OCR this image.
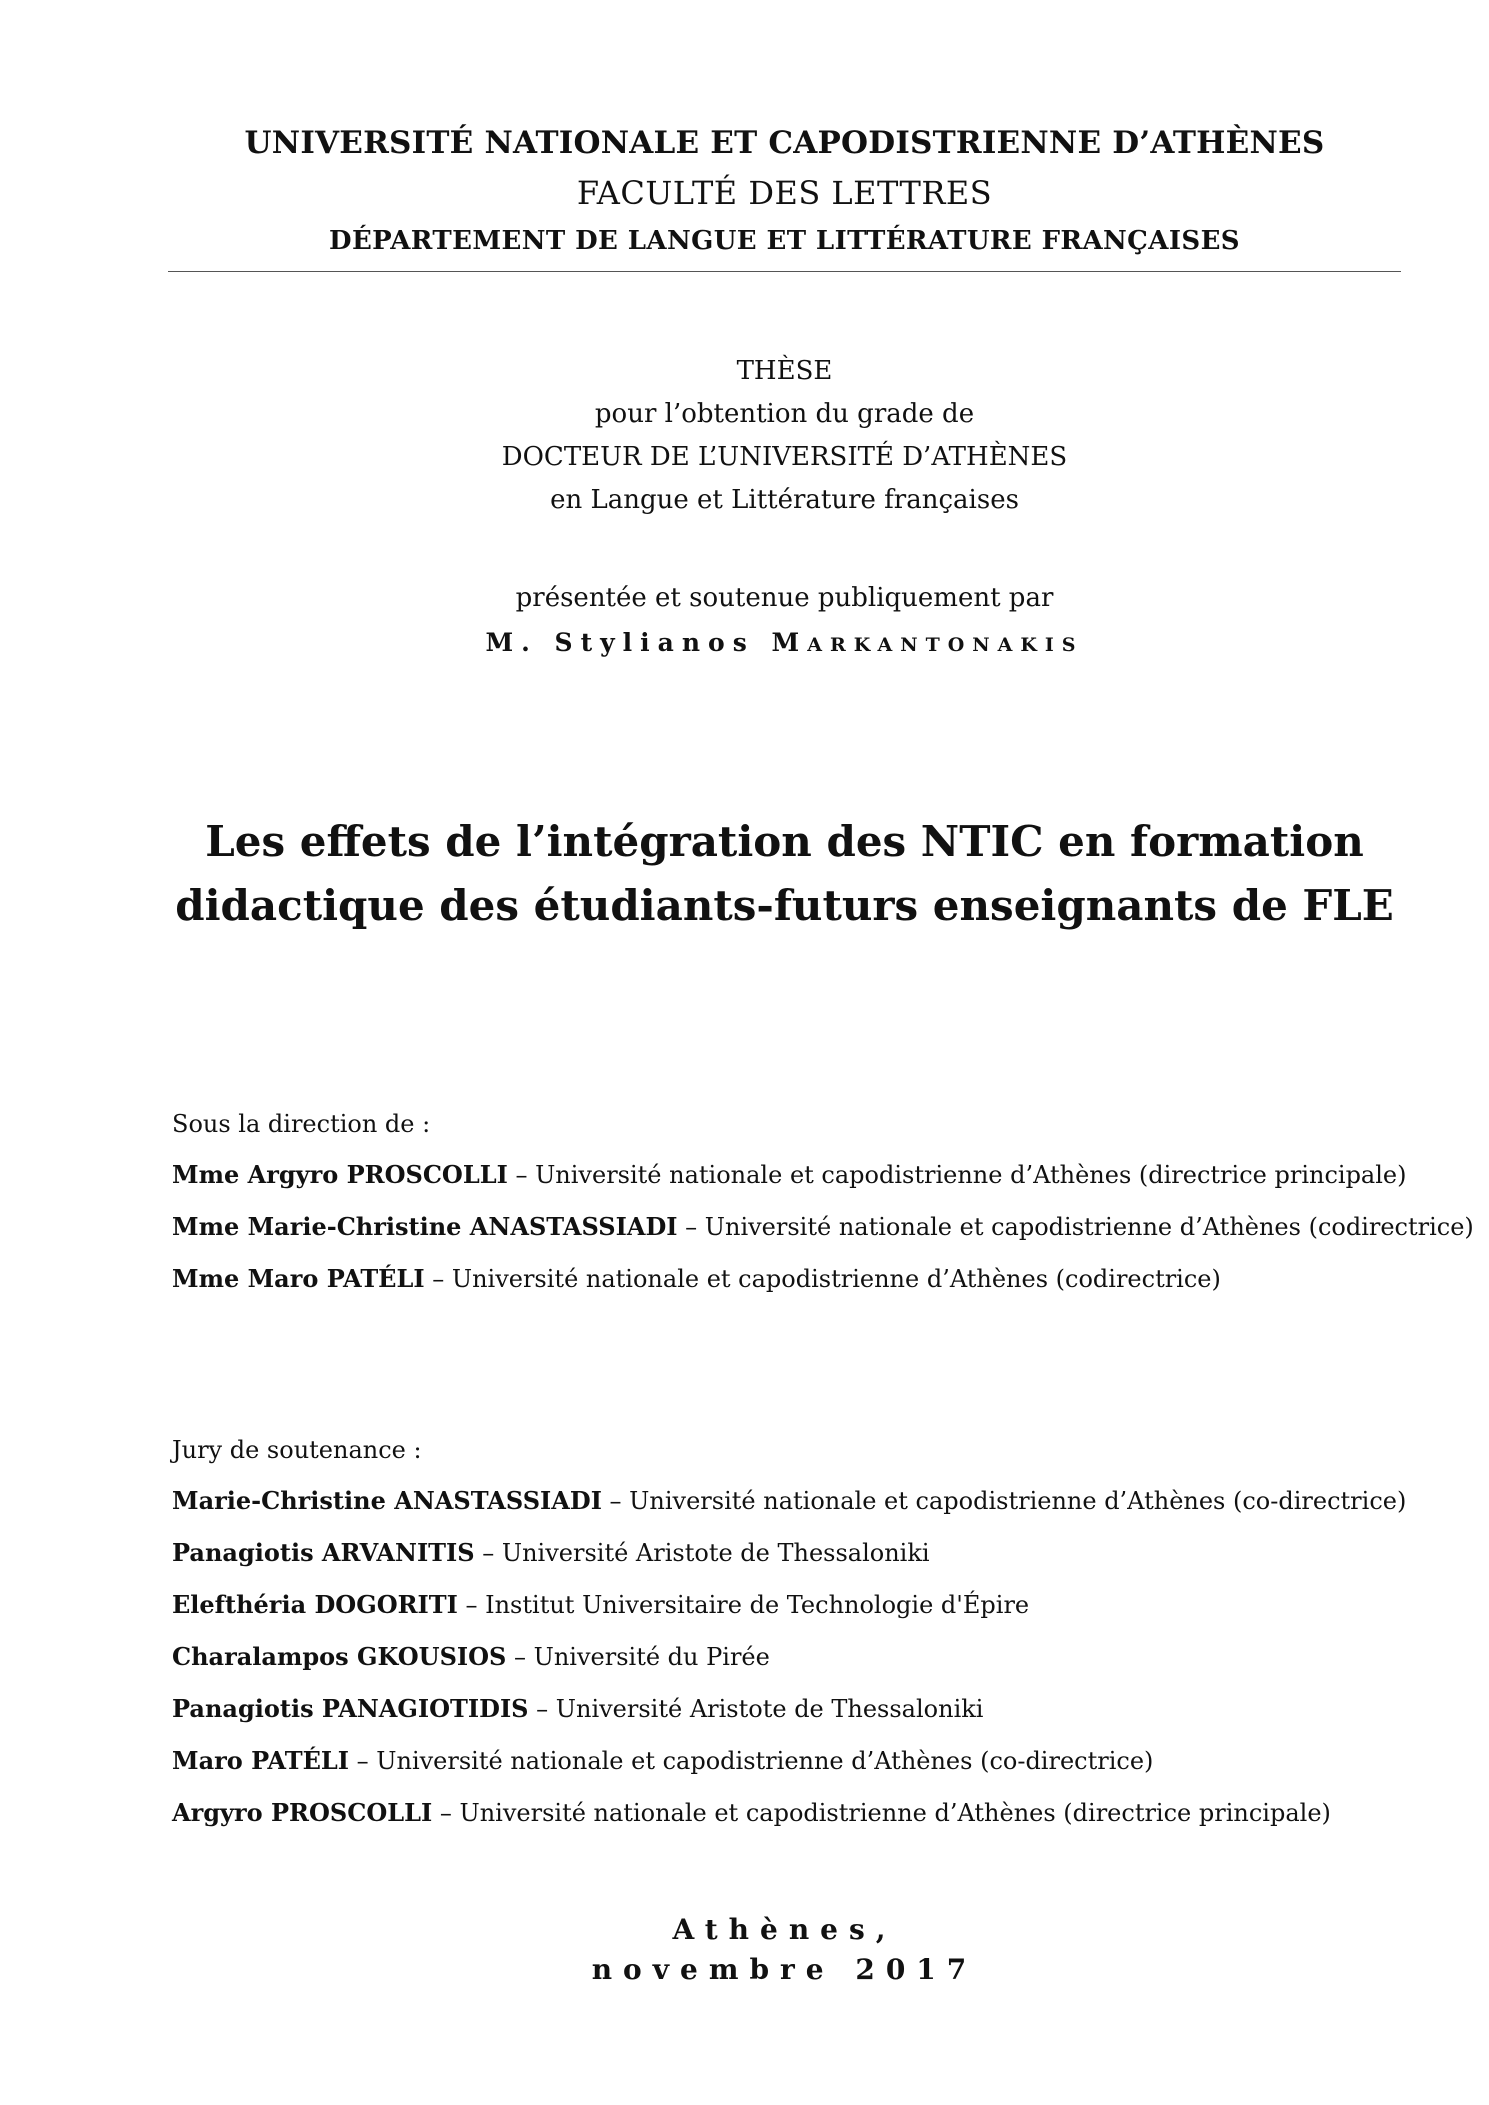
UNIVERSITÉ NATIONALE ET CAPODISTRIENNE D’ATHÈNES
FACULTÉ DES LETTRES
DÉPARTEMENT DE LANGUE ET LITTÉRATURE FRANÇAISES
THÈSE
pour l’obtention du grade de
DOCTEUR DE L’UNIVERSITÉ D’ATHÈNES
en Langue et Littérature françaises
présentée et soutenue publiquement par
M. Stylianos MARKANTONAKIS
Les effets de l’intégration des NTIC en formation
didactique des étudiants-futurs enseignants de FLE
Sous la direction de :
Mme Argyro PROSCOLLI – Université nationale et capodistrienne d’Athènes (directrice principale)
Mme Marie-Christine ANASTASSIADI – Université nationale et capodistrienne d’Athènes (codirectrice)
Mme Maro PATÉLI – Université nationale et capodistrienne d’Athènes (codirectrice)
Jury de soutenance :
Marie-Christine ANASTASSIADI – Université nationale et capodistrienne d’Athènes (co-directrice)
Panagiotis ARVANITIS – Université Aristote de Thessaloniki
Elefthéria DOGORITI – Institut Universitaire de Technologie d'Épire
Charalampos GKOUSIOS – Université du Pirée
Panagiotis PANAGIOTIDIS – Université Aristote de Thessaloniki
Maro PATÉLI – Université nationale et capodistrienne d’Athènes (co-directrice)
Argyro PROSCOLLI – Université nationale et capodistrienne d’Athènes (directrice principale)
Athènes,
novembre 2017
